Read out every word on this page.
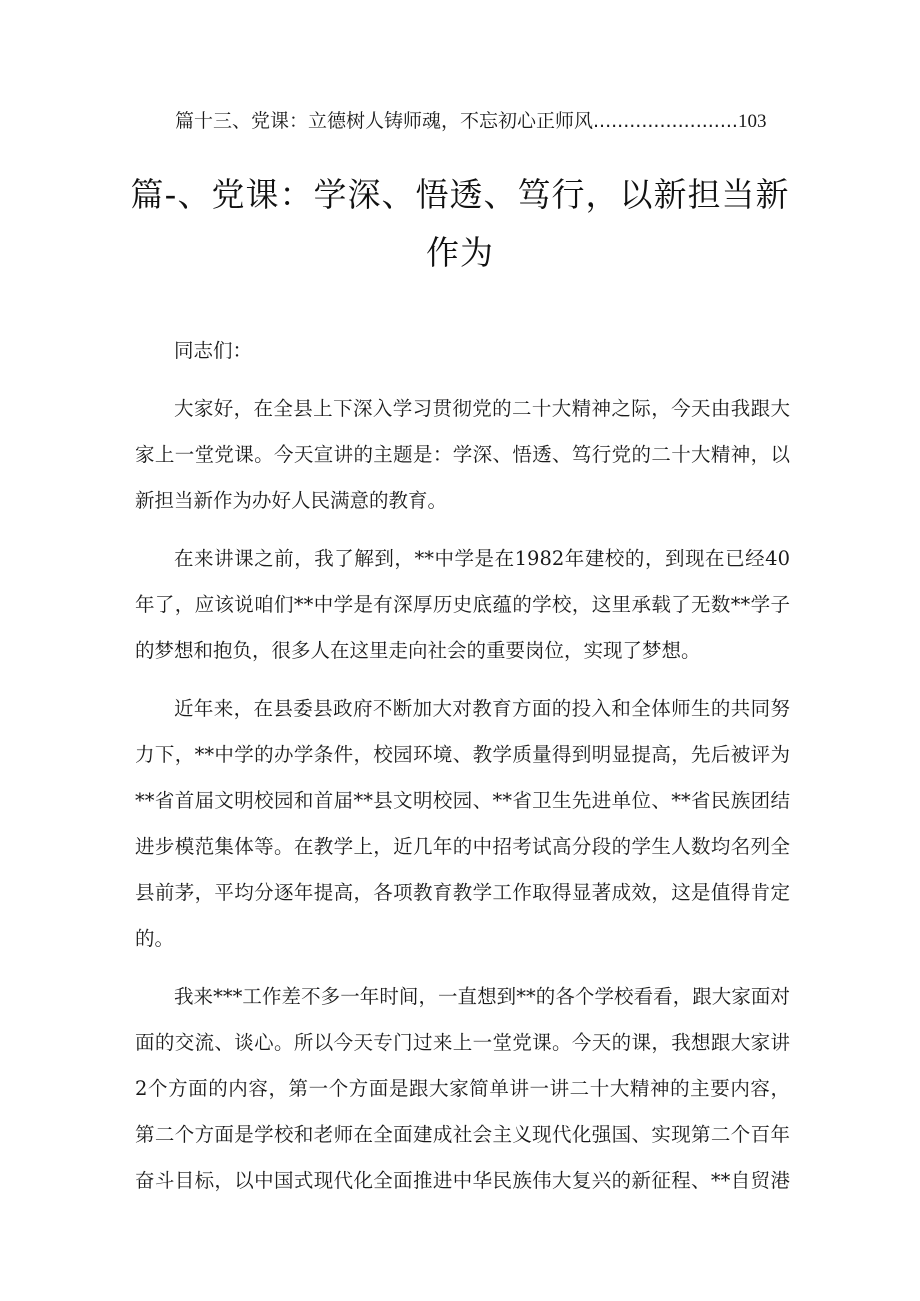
篇十三、党课：立德树人铸师魂，不忘初心正师风........................103
篇-、党课：学深、悟透、笃行，以新担当新
作为

同志们：

大家好，在全县上下深入学习贯彻党的二十大精神之际，今天由我跟大家上一堂党课。今天宣讲的主题是：学深、悟透、笃行党的二十大精神，以新担当新作为办好人民满意的教育。

在来讲课之前，我了解到，**中学是在1982年建校的，到现在已经40年了，应该说咱们**中学是有深厚历史底蕴的学校，这里承载了无数**学子的梦想和抱负，很多人在这里走向社会的重要岗位，实现了梦想。

近年来，在县委县政府不断加大对教育方面的投入和全体师生的共同努力下，**中学的办学条件，校园环境、教学质量得到明显提高，先后被评为**省首届文明校园和首届**县文明校园、**省卫生先进单位、**省民族团结进步模范集体等。在教学上，近几年的中招考试高分段的学生人数均名列全县前茅，平均分逐年提高，各项教育教学工作取得显著成效，这是值得肯定的。

我来***工作差不多一年时间，一直想到**的各个学校看看，跟大家面对面的交流、谈心。所以今天专门过来上一堂党课。今天的课，我想跟大家讲2个方面的内容，第一个方面是跟大家简单讲一讲二十大精神的主要内容，第二个方面是学校和老师在全面建成社会主义现代化强国、实现第二个百年奋斗目标，以中国式现代化全面推进中华民族伟大复兴的新征程、**自贸港
